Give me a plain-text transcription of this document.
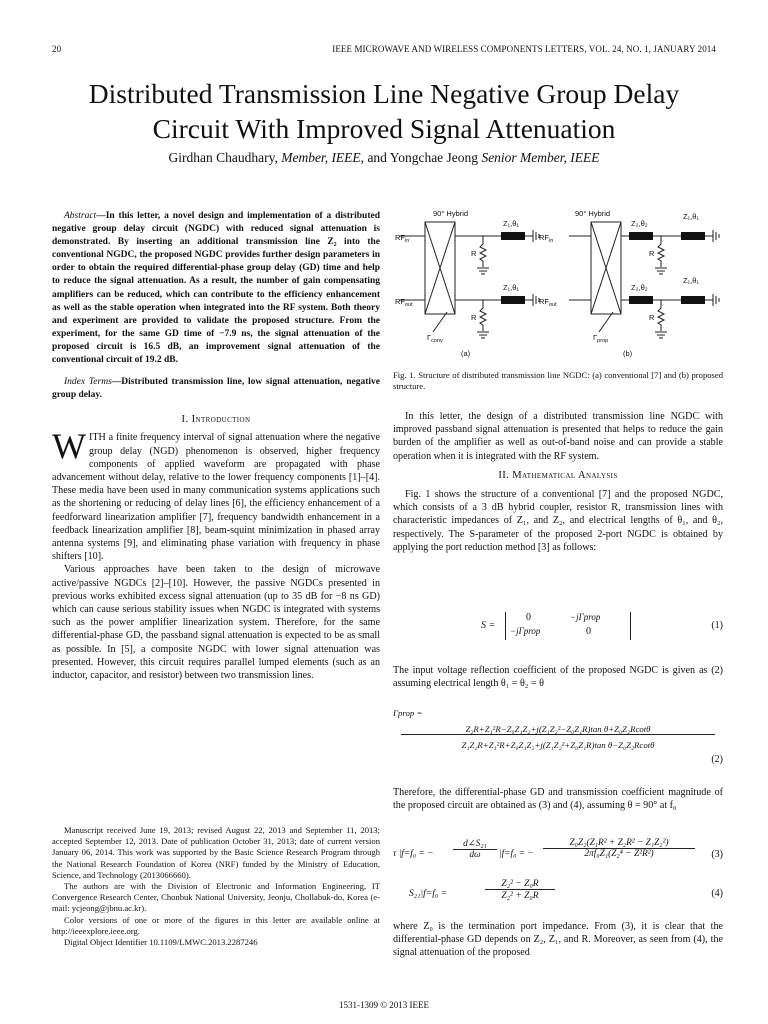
20	IEEE MICROWAVE AND WIRELESS COMPONENTS LETTERS, VOL. 24, NO. 1, JANUARY 2014
Distributed Transmission Line Negative Group Delay
Circuit With Improved Signal Attenuation
Girdhan Chaudhary, Member, IEEE, and Yongchae Jeong Senior Member, IEEE
Abstract—In this letter, a novel design and implementation of a distributed negative group delay circuit (NGDC) with reduced signal attenuation is demonstrated. By inserting an additional transmission line Z₂ into the conventional NGDC, the proposed NGDC provides further design parameters in order to obtain the required differential-phase group delay (GD) time and help to reduce the signal attenuation. As a result, the number of gain compensating amplifiers can be reduced, which can contribute to the efficiency enhancement as well as the stable operation when integrated into the RF system. Both theory and experiment are provided to validate the proposed structure. From the experiment, for the same GD time of −7.9 ns, the signal attenuation of the proposed circuit is 16.5 dB, an improvement signal attenuation of the conventional circuit of 19.2 dB.
Index Terms—Distributed transmission line, low signal attenuation, negative group delay.
I. Introduction

WITH a finite frequency interval of signal attenuation where the negative group delay (NGD) phenomenon is observed, higher frequency components of applied waveform are propagated with phase advancement without delay, relative to the lower frequency components [1]–[4]. These media have been used in many communication systems applications such as the shortening or reducing of delay lines [6], the efficiency enhancement of a feedforward linearization amplifier [7], frequency bandwidth enhancement in a feedback linearization amplifier [8], beam-squint minimization in phased array antenna systems [9], and eliminating phase variation with frequency in phase shifters [10].

Various approaches have been taken to the design of microwave active/passive NGDCs [2]–[10]. However, the passive NGDCs presented in previous works exhibited excess signal attenuation (up to 35 dB for −8 ns GD) which can cause serious stability issues when NGDC is integrated with systems such as the power amplifier linearization system. Therefore, for the same differential-phase GD, the passband signal attenuation is expected to be as small as possible. In [5], a composite NGDC with lower signal attenuation was presented. However, this circuit requires parallel lumped elements (such as an inductor, capacitor, and resistor) between two transmission lines.

Manuscript received June 19, 2013; revised August 22, 2013 and September 11, 2013; accepted September 12, 2013. Date of publication October 31, 2013; date of current version January 06, 2014. This work was supported by the Basic Science Research Program through the National Research Foundation of Korea (NRF) funded by the Ministry of Education, Science, and Technology (2013066660).
The authors are with the Division of Electronic and Information Engineering, IT Convergence Research Center, Chonbuk National University, Jeonju, Chollabuk-do, Korea (e-mail: ycjeong@jbnu.ac.kr).
Color versions of one or more of the figures in this letter are available online at http://ieeexplore.ieee.org.
Digital Object Identifier 10.1109/LMWC.2013.2287246
90° Hybrid	90° Hybrid
Z₁,θ₁
Z₁,θ₁
Z₂,θ₂
Z₂,θ₂
Z₁,θ₁
Z₁,θ₁
R
R
R
R
$RF_{in}$
$RF_{out}$
$RF_{in}$
$RF_{out}$
$\Gamma_{conv}$	$\Gamma_{prop}$
(a)	(b)
Fig. 1. Structure of distributed transmission line NGDC: (a) conventional [7] and (b) proposed structure.

In this letter, the design of a distributed transmission line NGDC with improved passband signal attenuation is presented that helps to reduce the gain burden of the amplifier as well as out-of-band noise and can provide a stable operation when it is integrated with the RF system.

II. Mathematical Analysis

Fig. 1 shows the structure of a conventional [7] and the proposed NGDC, which consists of a 3 dB hybrid coupler, resistor R, transmission lines with characteristic impedances of Z₁, and Z₂, and electrical lengths of θ₁, and θ₂, respectively. The S-parameter of the proposed 2-port NGDC is obtained by applying the port reduction method [3] as follows:

S =
0	−jΓprop
−jΓprop	0
(1)
The input voltage reflection coefficient of the proposed NGDC is given as (2) assuming electrical length θ₁ = θ₂ = θ
Γprop =
Z₂R+Z₁²R−Z₀Z₁Z₂+j(Z₁Z₂²−Z₀Z₁R)tan θ+Z₀Z₂Rcotθ
Z₁Z₂R+Z₁²R+Z₀Z₁Z₂+j(Z₁Z₂²+Z₀Z₁R)tan θ−Z₀Z₂Rcotθ
(2)
Therefore, the differential-phase GD and transmission coefficient magnitude of the proposed circuit are obtained as (3) and (4), assuming θ = 90° at f₀
τ |f=f₀ = −
d∠S₂₁
dω	|f=f₀ = −
Z₀Z₂(Z₁R² + Z₂R² − Z₁Z₂²)
2πf₀Z₁(Z₂⁴ − Z²R²)	(3)
S₂₁|f=f₀ =
Z₂² − Z₀R
Z₂² + Z₀R	(4)
where Z₀ is the termination port impedance. From (3), it is clear that the differential-phase GD depends on Z₂, Z₁, and R. Moreover, as seen from (4), the signal attenuation of the proposed
1531-1309 © 2013 IEEE
